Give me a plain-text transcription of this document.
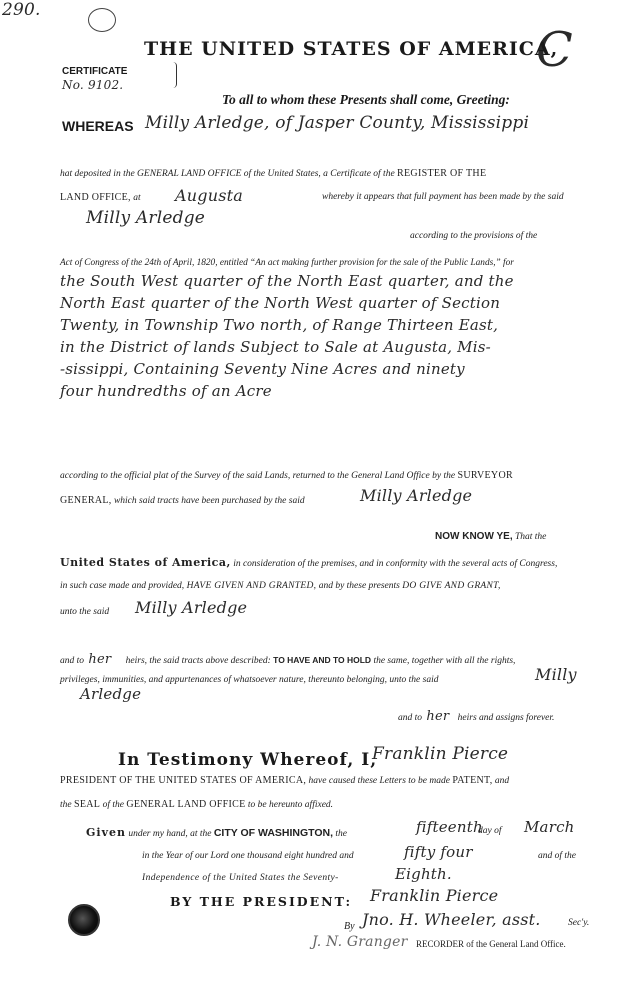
290.
C
THE UNITED STATES OF AMERICA,
CERTIFICATE
No. 9102.
To all to whom these Presents shall come, Greeting:
WHEREAS Milly Arledge, of Jasper County, Mississippi
hat deposited in the GENERAL LAND OFFICE of the United States, a Certificate of the REGISTER OF THE
LAND OFFICE, at Augusta	whereby it appears that full payment has been made by the said
Milly Arledge
according to the provisions of the
Act of Congress of the 24th of April, 1820, entitled “An act making further provision for the sale of the Public Lands,” for
the South West quarter of the North East quarter, and the
North East quarter of the North West quarter of Section
Twenty, in Township Two north, of Range Thirteen East,
in the District of lands Subject to Sale at Augusta, Mis-
-sissippi, Containing Seventy Nine Acres and ninety
four hundredths of an Acre
according to the official plat of the Survey of the said Lands, returned to the General Land Office by the SURVEYOR
GENERAL, which said tracts have been purchased by the said	Milly Arledge
NOW KNOW YE, That the
United States of America, in consideration of the premises, and in conformity with the several acts of Congress,
in such case made and provided, HAVE GIVEN AND GRANTED, and by these presents DO GIVE AND GRANT,
unto the said Milly Arledge
and to her heirs, the said tracts above described: TO HAVE AND TO HOLD the same, together with all the rights,
privileges, immunities, and appurtenances of whatsoever nature, thereunto belonging, unto the said	Milly
Arledge
and to her heirs and assigns forever.
In Testimony Whereof, I,
Franklin Pierce
PRESIDENT OF THE UNITED STATES OF AMERICA, have caused these Letters to be made PATENT, and
the SEAL of the GENERAL LAND OFFICE to be hereunto affixed.
Given under my hand, at the CITY OF WASHINGTON, the	fifteenth
day of March
in the Year of our Lord one thousand eight hundred and	fifty four	and of the
Independence of the United States the Seventy-	Eighth.
BY THE PRESIDENT: Franklin Pierce
By Jno. H. Wheeler, asst.	Sec'y.
J. N. Granger RECORDER of the General Land Office.
